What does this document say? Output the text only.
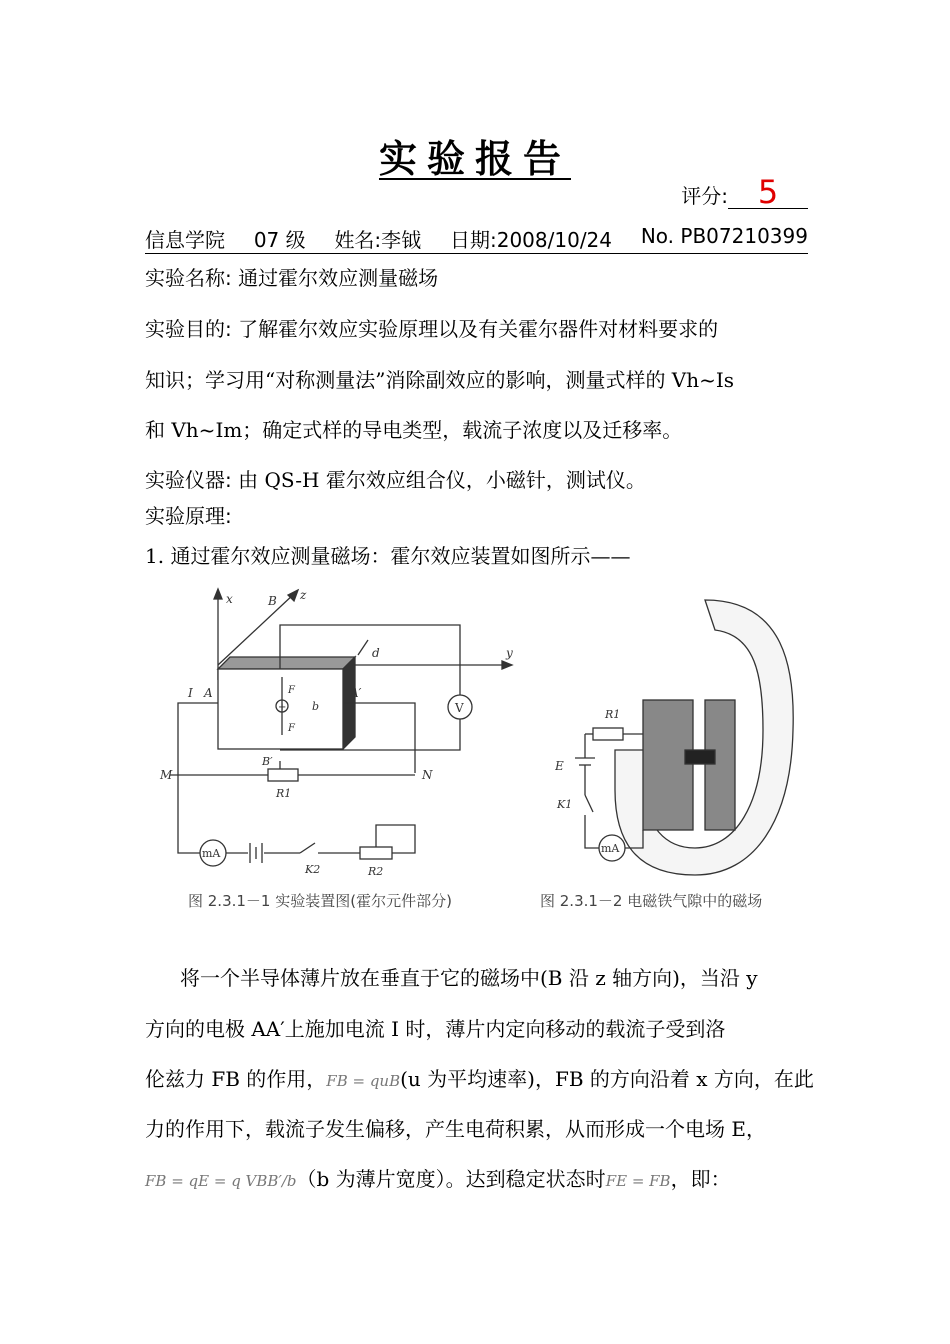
实验报告
评分: 5
信息学院 07 级 姓名:李钺 日期:2008/10/24 No. PB07210399
实验名称: 通过霍尔效应测量磁场
实验目的: 了解霍尔效应实验原理以及有关霍尔器件对材料要求的
知识；学习用“对称测量法”消除副效应的影响，测量式样的 Vh~Is
和 Vh~Im；确定式样的导电类型，载流子浓度以及迁移率。
实验仪器: 由 QS-H 霍尔效应组合仪，小磁针，测试仪。
实验原理:
1. 通过霍尔效应测量磁场：霍尔效应装置如图所示——
x	B z
y
d
+
F
F
b	V
I A	A′
B′
M	N
R1
mA
K2	R2
R1
E
K1
mA
图 2.3.1－1 实验装置图(霍尔元件部分)	图 2.3.1－2 电磁铁气隙中的磁场
将一个半导体薄片放在垂直于它的磁场中(B 沿 z 轴方向)，当沿 y
方向的电极 AA′上施加电流 I 时，薄片内定向移动的载流子受到洛
伦兹力 FB 的作用，FB = quB(u 为平均速率)，FB 的方向沿着 x 方向，在此
力的作用下，载流子发生偏移，产生电荷积累，从而形成一个电场 E，
FB = qE = q VBB′/b（b 为薄片宽度）。达到稳定状态时FE = FB，即：
